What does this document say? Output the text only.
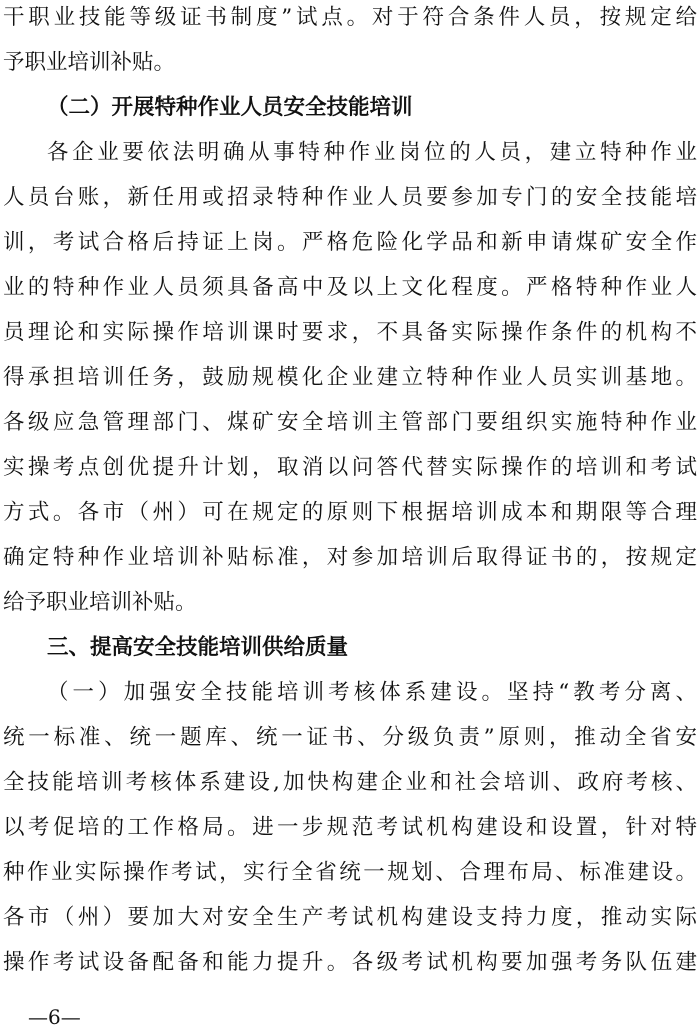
干职业技能等级证书制度”试点。对于符合条件人员，按规定给
予职业培训补贴。
（二）开展特种作业人员安全技能培训
各企业要依法明确从事特种作业岗位的人员，建立特种作业
人员台账，新任用或招录特种作业人员要参加专门的安全技能培
训，考试合格后持证上岗。严格危险化学品和新申请煤矿安全作
业的特种作业人员须具备高中及以上文化程度。严格特种作业人
员理论和实际操作培训课时要求，不具备实际操作条件的机构不
得承担培训任务，鼓励规模化企业建立特种作业人员实训基地。
各级应急管理部门、煤矿安全培训主管部门要组织实施特种作业
实操考点创优提升计划，取消以问答代替实际操作的培训和考试
方式。各市（州）可在规定的原则下根据培训成本和期限等合理
确定特种作业培训补贴标准，对参加培训后取得证书的，按规定
给予职业培训补贴。
三、提高安全技能培训供给质量
（一）加强安全技能培训考核体系建设。坚持“教考分离、
统一标准、统一题库、统一证书、分级负责”原则，推动全省安
全技能培训考核体系建设,加快构建企业和社会培训、政府考核、
以考促培的工作格局。进一步规范考试机构建设和设置，针对特
种作业实际操作考试，实行全省统一规划、合理布局、标准建设。
各市（州）要加大对安全生产考试机构建设支持力度，推动实际
操作考试设备配备和能力提升。各级考试机构要加强考务队伍建
—6—
